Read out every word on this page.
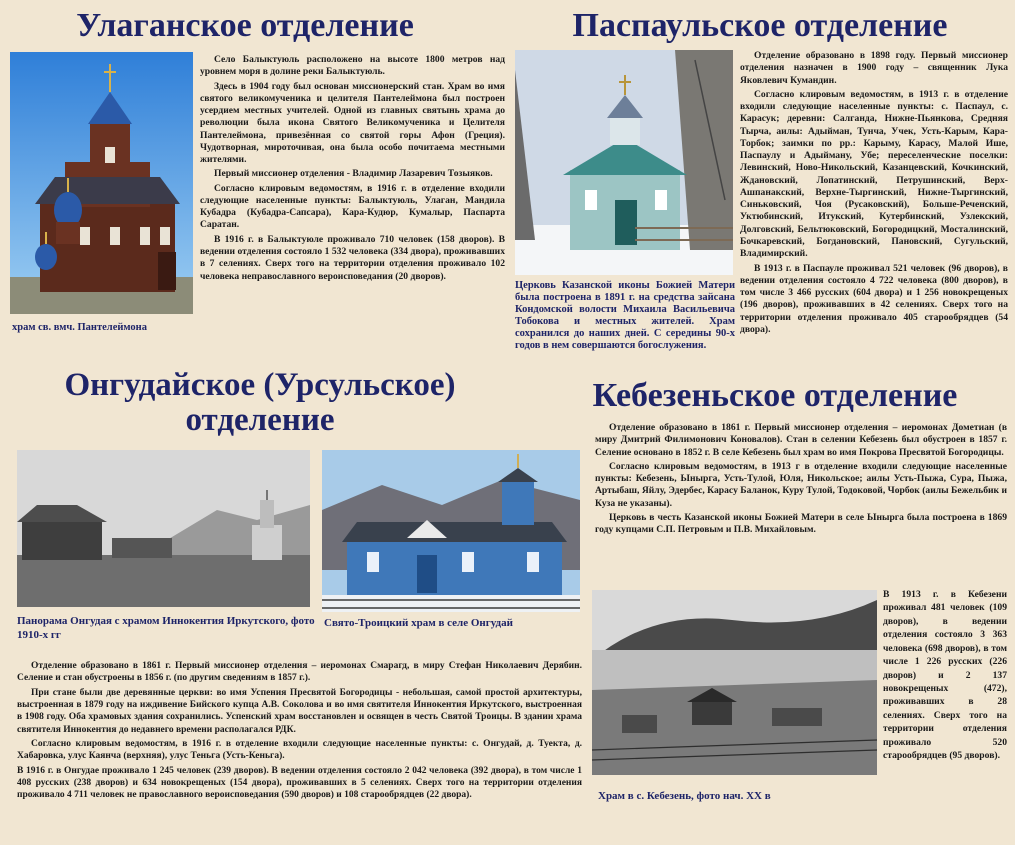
Улаганское отделение
храм св. вмч. Пантелеймона

Село Балыктуюль расположено на высоте 1800 метров над уровнем моря в долине реки Балыктуюль.

Здесь в 1904 году был основан миссионерский стан. Храм во имя святого великомученика и целителя Пантелеймона был построен усердием местных учителей. Одной из главных святынь храма до революции была икона Святого Великомученика и Целителя Пантелеймона, привезённая со святой горы Афон (Греция). Чудотворная, мироточивая, она была особо почитаема местными жителями.

Первый миссионер отделения - Владимир Лазаревич Тозыяков.

Согласно клировым ведомостям, в 1916 г. в отделение входили следующие населенные пункты: Балыктуюль, Улаган, Мандила Кубадра (Кубадра-Сапсара), Кара-Кудюр, Кумалыр, Паспарта Саратан.

В 1916 г. в Балыктуюле проживало 710 человек (158 дворов). В ведении отделения состояло 1 532 человека (334 двора), проживавших в 7 селениях. Сверх того на территории отделения проживало 102 человека неправославного вероисповедания (20 дворов).

Паспаульское отделение
Церковь Казанской иконы Божией Матери была построена в 1891 г. на средства зайсана Кондомской волости Михаила Васильевича Тобокова и местных жителей. Храм сохранился до наших дней. С середины 90-х годов в нем совершаются богослужения.

Отделение образовано в 1898 году. Первый миссионер отделения назначен в 1900 году – священник Лука Яковлевич Кумандин.

Согласно клировым ведомостям, в 1913 г. в отделение входили следующие населенные пункты: с. Паспаул, с. Карасук; деревни: Салганда, Нижне-Пьянкова, Средняя Тырча, аилы: Адыйман, Тунча, Учек, Усть-Карым, Кара-Торбок; заимки по рр.: Карыму, Карасу, Малой Ише, Паспаулу и Адыйману, Убе; переселенческие поселки: Левинский, Ново-Никольский, Казанцевский, Кочкинский, Ждановский, Лопатинский, Петрушинский, Верх-Ашпанакский, Верхне-Тыргинский, Нижне-Тыргинский, Синьковский, Чоя (Русаковский), Больше-Реченский, Уктюбинский, Итукский, Кутербинский, Узлекский, Долговский, Бельтюковский, Богородицкий, Мосталинский, Бочкаревский, Богдановский, Пановский, Сугульский, Владимирский.

В 1913 г. в Паспауле проживал 521 человек (96 дворов), в ведении отделения состояло 4 722 человека (800 дворов), в том числе 3 466 русских (604 двора) и 1 256 новокрещеных (196 дворов), проживавших в 42 селениях. Сверх того на территории отделения проживало 405 старообрядцев (54 двора).

Онгудайское (Урсульское)
отделение
Панорама Онгудая с храмом Иннокентия Иркутского, фото 1910-х гг
Свято-Троицкий храм в селе Онгудай

Отделение образовано в 1861 г. Первый миссионер отделения – иеромонах Смарагд, в миру Стефан Николаевич Дерябин. Селение и стан обустроены в 1856 г. (по другим сведениям в 1857 г.).

При стане были две деревянные церкви: во имя Успения Пресвятой Богородицы - небольшая, самой простой архитектуры, выстроенная в 1879 году на иждивение Бийского купца А.В. Соколова и во имя святителя Иннокентия Иркутского, выстроенная в 1908 году. Оба храмовых здания сохранились. Успенский храм восстановлен и освящен в честь Святой Троицы. В здании храма святителя Иннокентия до недавнего времени располагался РДК.

Согласно клировым ведомостям, в 1916 г. в отделение входили следующие населенные пункты: с. Онгудай, д. Туекта, д. Хабаровка, улус Каянча (верхняя), улус Теньга (Усть-Кеньга).

В 1916 г. в Онгудае проживало 1 245 человек (239 дворов). В ведении отделения состояло 2 042 человека (392 двора), в том числе 1 408 русских (238 дворов) и 634 новокрещеных (154 двора), проживавших в 5 селениях. Сверх того на территории отделения проживало 4 711 человек не православного вероисповедания (590 дворов) и 108 старообрядцев (22 двора).

Кебезеньское отделение

Отделение образовано в 1861 г. Первый миссионер отделения – иеромонах Дометиан (в миру Дмитрий Филимонович Коновалов). Стан в селении Кебезень был обустроен в 1857 г. Селение основано в 1852 г. В селе Кебезень был храм во имя Покрова Пресвятой Богородицы.

Согласно клировым ведомостям, в 1913 г в отделение входили следующие населенные пункты: Кебезень, Ынырга, Усть-Тулой, Юля, Никольское; аилы Усть-Пыжа, Сура, Пыжа, Артыбаш, Яйлу, Эдербес, Карасу Баланок, Куру Тулой, Тодоковой, Чорбок (аилы Бежельбик и Куза не указаны).

Церковь в честь Казанской иконы Божией Матери в селе Ынырга была построена в 1869 году купцами С.П. Петровым и П.В. Михайловым.

Храм в с. Кебезень, фото нач. XX в

В 1913 г. в Кебезени проживал 481 человек (109 дворов), в ведении отделения состояло 3 363 человека (698 дворов), в том числе 1 226 русских (226 дворов) и 2 137 новокрещеных (472), проживавших в 28 селениях. Сверх того на территории отделения проживало 520 старообрядцев (95 дворов).
